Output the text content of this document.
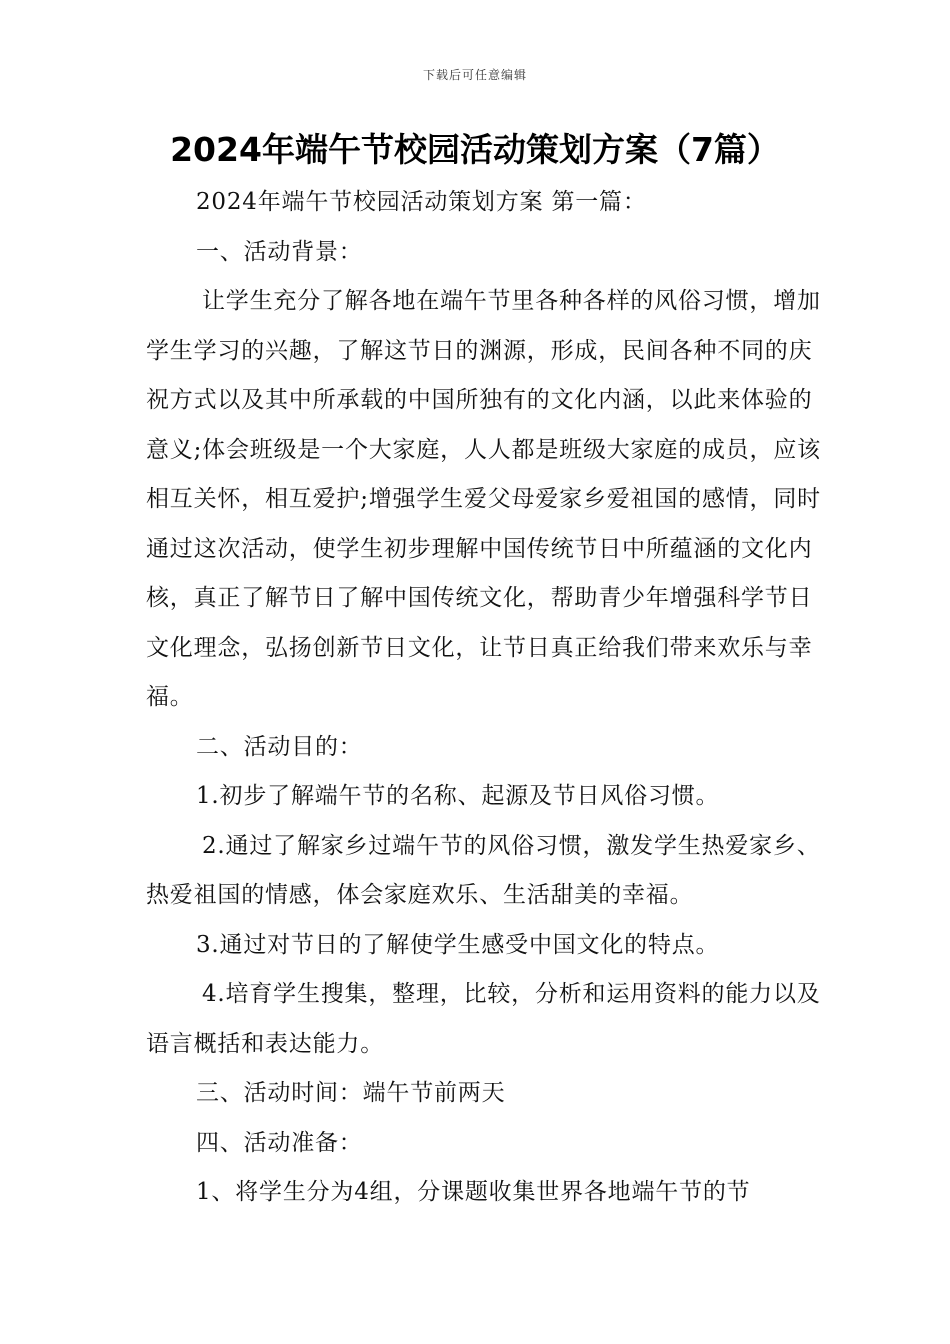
下载后可任意编辑
2024年端午节校园活动策划方案（7篇）

2024年端午节校园活动策划方案 第一篇：

一、活动背景：

让学生充分了解各地在端午节里各种各样的风俗习惯，增加学生学习的兴趣，了解这节日的渊源，形成，民间各种不同的庆祝方式以及其中所承载的中国所独有的文化内涵，以此来体验的意义;体会班级是一个大家庭，人人都是班级大家庭的成员，应该相互关怀，相互爱护;增强学生爱父母爱家乡爱祖国的感情，同时通过这次活动，使学生初步理解中国传统节日中所蕴涵的文化内核，真正了解节日了解中国传统文化，帮助青少年增强科学节日文化理念，弘扬创新节日文化，让节日真正给我们带来欢乐与幸福。

二、活动目的：

1.初步了解端午节的名称、起源及节日风俗习惯。

2.通过了解家乡过端午节的风俗习惯，激发学生热爱家乡、热爱祖国的情感，体会家庭欢乐、生活甜美的幸福。

3.通过对节日的了解使学生感受中国文化的特点。

4.培育学生搜集，整理，比较，分析和运用资料的能力以及语言概括和表达能力。

三、活动时间：端午节前两天

四、活动准备：

1、将学生分为4组，分课题收集世界各地端午节的节
